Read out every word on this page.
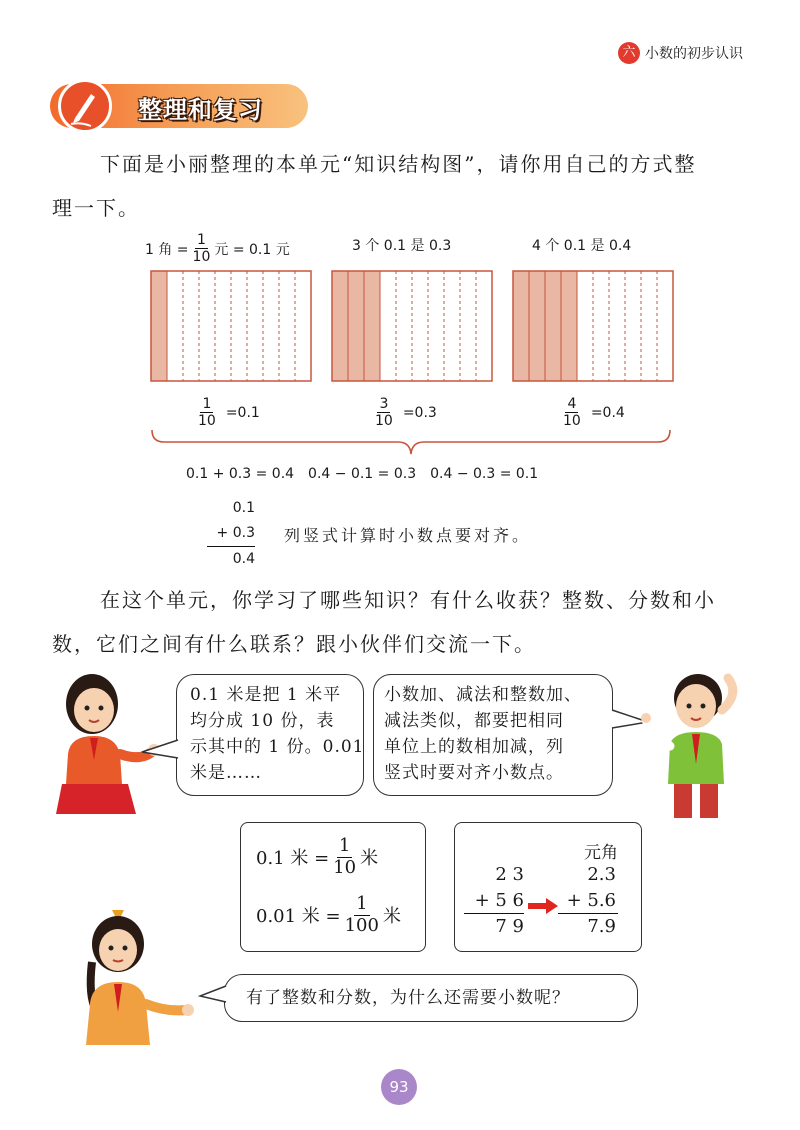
六 小数的初步认识
整理和复习
下面是小丽整理的本单元“知识结构图”，请你用自己的方式整
理一下。
1 角 = $\frac{1}{10}$ 元 = 0.1 元	3 个 0.1 是 0.3	4 个 0.1 是 0.4
$\frac{1}{10} =0.1$	$\frac{3}{10} =0.3$	$\frac{4}{10} =0.4$
0.1 + 0.3 = 0.4　0.4 − 0.1 = 0.3　0.4 − 0.3 = 0.1
0.1
+ 0.3
0.4
列竖式计算时小数点要对齐。
在这个单元，你学习了哪些知识？有什么收获？整数、分数和小
数，它们之间有什么联系？跟小伙伴们交流一下。
0.1 米是把 1 米平
均分成 10 份，表
示其中的 1 份。0.01
米是……
小数加、减法和整数加、
减法类似，都要把相同
单位上的数相加减，列
竖式时要对齐小数点。
0.1 米 = $\frac{1}{10}$ 米
0.01 米 = $\frac{1}{100}$ 米
元角
2 3
+ 5 6
7 9
2.3
+ 5.6
7.9
有了整数和分数，为什么还需要小数呢？
93
